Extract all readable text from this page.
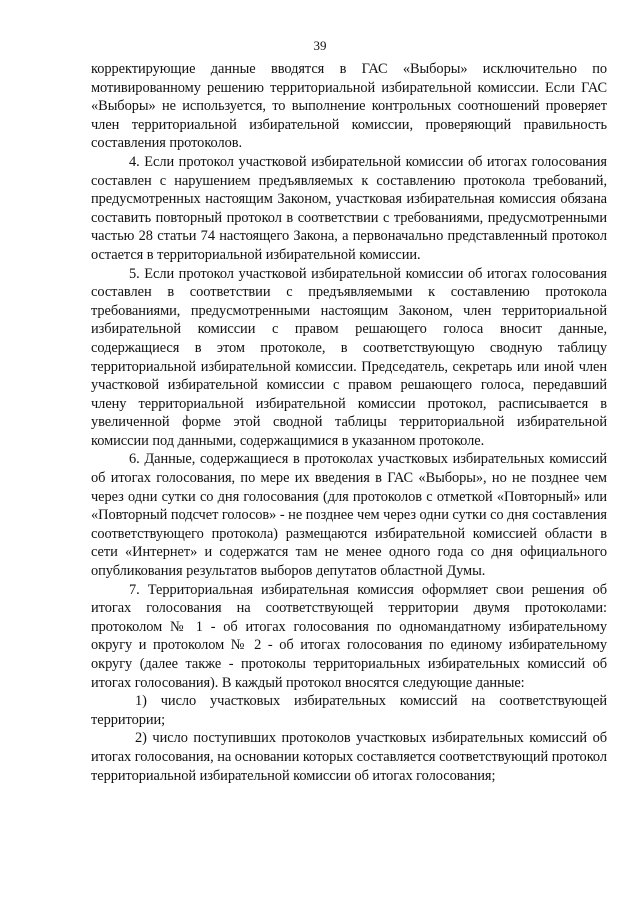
39

корректирующие данные вводятся в ГАС «Выборы» исключительно по мотивированному решению территориальной избирательной комиссии. Если ГАС «Выборы» не используется, то выполнение контрольных соотношений проверяет член территориальной избирательной комиссии, проверяющий правильность составления протоколов.

4. Если протокол участковой избирательной комиссии об итогах голосования составлен с нарушением предъявляемых к составлению протокола требований, предусмотренных настоящим Законом, участковая избирательная комиссия обязана составить повторный протокол в соответствии с требованиями, предусмотренными частью 28 статьи 74 настоящего Закона, а первоначально представленный протокол остается в территориальной избирательной комиссии.

5. Если протокол участковой избирательной комиссии об итогах голосования составлен в соответствии с предъявляемыми к составлению протокола требованиями, предусмотренными настоящим Законом, член территориальной избирательной комиссии с правом решающего голоса вносит данные, содержащиеся в этом протоколе, в соответствующую сводную таблицу территориальной избирательной комиссии. Председатель, секретарь или иной член участковой избирательной комиссии с правом решающего голоса, передавший члену территориальной избирательной комиссии протокол, расписывается в увеличенной форме этой сводной таблицы территориальной избирательной комиссии под данными, содержащимися в указанном протоколе.

6. Данные, содержащиеся в протоколах участковых избирательных комиссий об итогах голосования, по мере их введения в ГАС «Выборы», но не позднее чем через одни сутки со дня голосования (для протоколов с отметкой «Повторный» или «Повторный подсчет голосов» - не позднее чем через одни сутки со дня составления соответствующего протокола) размещаются избирательной комиссией области в сети «Интернет» и содержатся там не менее одного года со дня официального опубликования результатов выборов депутатов областной Думы.

7. Территориальная избирательная комиссия оформляет свои решения об итогах голосования на соответствующей территории двумя протоколами: протоколом № 1 - об итогах голосования по одномандатному избирательному округу и протоколом № 2 - об итогах голосования по единому избирательному округу (далее также - протоколы территориальных избирательных комиссий об итогах голосования). В каждый протокол вносятся следующие данные:

1) число участковых избирательных комиссий на соответствующей территории;

2) число поступивших протоколов участковых избирательных комиссий об итогах голосования, на основании которых составляется соответствующий протокол территориальной избирательной комиссии об итогах голосования;
